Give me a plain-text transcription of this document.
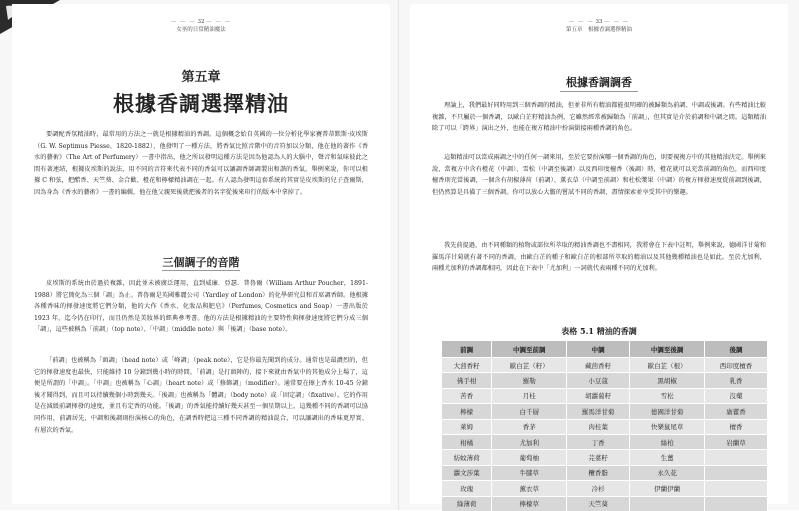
— — — 32 — — —
女巫的日常精油魔法
第五章
根據香調選擇精油

要調配香氛精油時，最常用的方法之一就是根據精油的香調。這個概念始自英國的一位分析化學家賽普蒂默斯·皮埃斯（G. W. Septimus Piesse，1820-1882），他發明了一種方法，將香氣比照音階中的音符加以分類，他在他的著作《香水的藝術》（The Art of Perfumery）一書中指出，他之所以發明這種方法是因為他認為人的大腦中，聲音和氣味彼此之間有著連結，根據皮埃斯的說法，用不同的音符來代表不同的香氣可以讓調香師調製出和諧的香氣。舉例來說，你可以根據 C 和弦，把醋香、天竺葵、金合歡、橙花和檸檬精油調在一起。有人認為發明這套系統的其實是皮埃斯的兒子查爾斯，因為身為《香水的藝術》一書的編輯，他在他父親死後就把後者的名字從後來印行的版本中拿掉了。

三個調子的音階

皮埃斯的系統由於過於複雜，因此並未被廣泛運用，直到威廉．亞瑟．普魯爾（William Arthur Poucher，1891-1988）將它簡化為三個「調」為止。普魯爾是英國雅麗公司（Yardley of London）的化學研究員和首席調香師。他根據各種香味的揮發速度將它們分類，他的大作《香水、化妝品與肥皂》（Perfumes, Cosmetics and Soap）一書出版於 1923 年，迄今仍在印行，而且仍然是美妝界的經典參考書。他的方法是根據精油的主要特性與揮發速度將它們分成三個「調」，這些被稱為「前調」（top note）、「中調」（middle note）與「後調」（base note）。

「前調」也被稱為「頭調」（head note）或「峰調」（peak note），它是你最先聞到的成分。通常也是最濃烈的，但它的揮發速度也最快，只能維持 10 分鐘到幾小時的時間。「前調」是打頭陣的，接下來就由香氣中的其他成分上場了，這便是所謂的「中調」。「中調」也被稱為「心調」（heart note）或「修飾調」（modifier）。通常要在擦上香水 10-45 分鐘後才聞得到，而且可以持續幾個小時到幾天。「後調」也被稱為「體調」（body note）或「固定調」（fixative）。它的作用是在減緩前調揮發的速度，並且有定香的功能。「後調」的香氣能持續好幾天甚至一個星期以上，這幾種不同的香調可以協同作用，前調居先，中調和後調則扮演核心的角色，在調香時把這三種不同香調的精油混合，可以讓調出的香味更厚實、有層次的香氣。

— — — 33 — — —
第五章　根據香調選擇精油
根據香調調香

理論上，我們最好同時用到三個香調的精油，但並非所有精油都能很明確的被歸類為前調、中調或後調。有些精油比較複雜，不只屬於一個香調，以歐白芷籽精油為例，它雖然經常被歸類為「前調」，但其實是介於前調和中調之間。這類精油除了可以「跨界」演出之外，也能在複方精油中扮演銜接兩種香調的角色。

這類精油可以當成兩調之中的任何一調來用，至於它要扮演哪一個香調的角色，則要視複方中的其他精油決定。舉例來說，當複方中含有橙花（中調）、雪松（中調至後調）以及西印度檀香（後調）時，橙花就可以充當前調的角色，而西印度檀香則充當後調，一個含有胡椒薄荷（前調）、薰衣草（中調至前調）和杜松漿果（中調）的複方揮發速度從前調到後調，但仍然算是具備了三個香調。你可以放心大膽的嘗試不同的香調，盡情探索並享受其中的樂趣。

我先前提過，由不同種類的植物或部位所萃取的精油香調也不盡相同，我將會在下表中註明，舉例來說，德國洋甘菊和羅馬洋甘菊就有著不同的香調，由歐白芷的種子和歐白芷的根部所萃取的精油以及其他幾種精油也是如此。至於尤加利，兩種尤加利的香調都相同，因此在下表中「尤加利」一詞就代表兩種不同的尤加利。

表格 5.1 精油的香調
前調	中調至前調	中調	中調至後調	後調
大茴香籽	歐白芷（籽）	藏茴香籽	歐白芷（根）	西印度檀香
佛手柑	羅勒	小豆蔻	黑胡椒	乳香
苦香	月桂	胡蘿蔔籽	雪松	沒藥
檸檬	白千層	羅馬洋甘菊	德國洋甘菊	廣藿香
萊姆	香茅	肉桂葉	快樂鼠尾草	檀香
柑橘	尤加利	丁香	絲柏	岩蘭草
紡蚊薄荷	葡萄柚	芫荽籽	生薑	
蘿文莎葉	牛膝草	欖香脂	永久花	
玫瑰	薰衣草	冷杉	伊蘭伊蘭	
綠薄荷	檸檬草	天竺葵		
